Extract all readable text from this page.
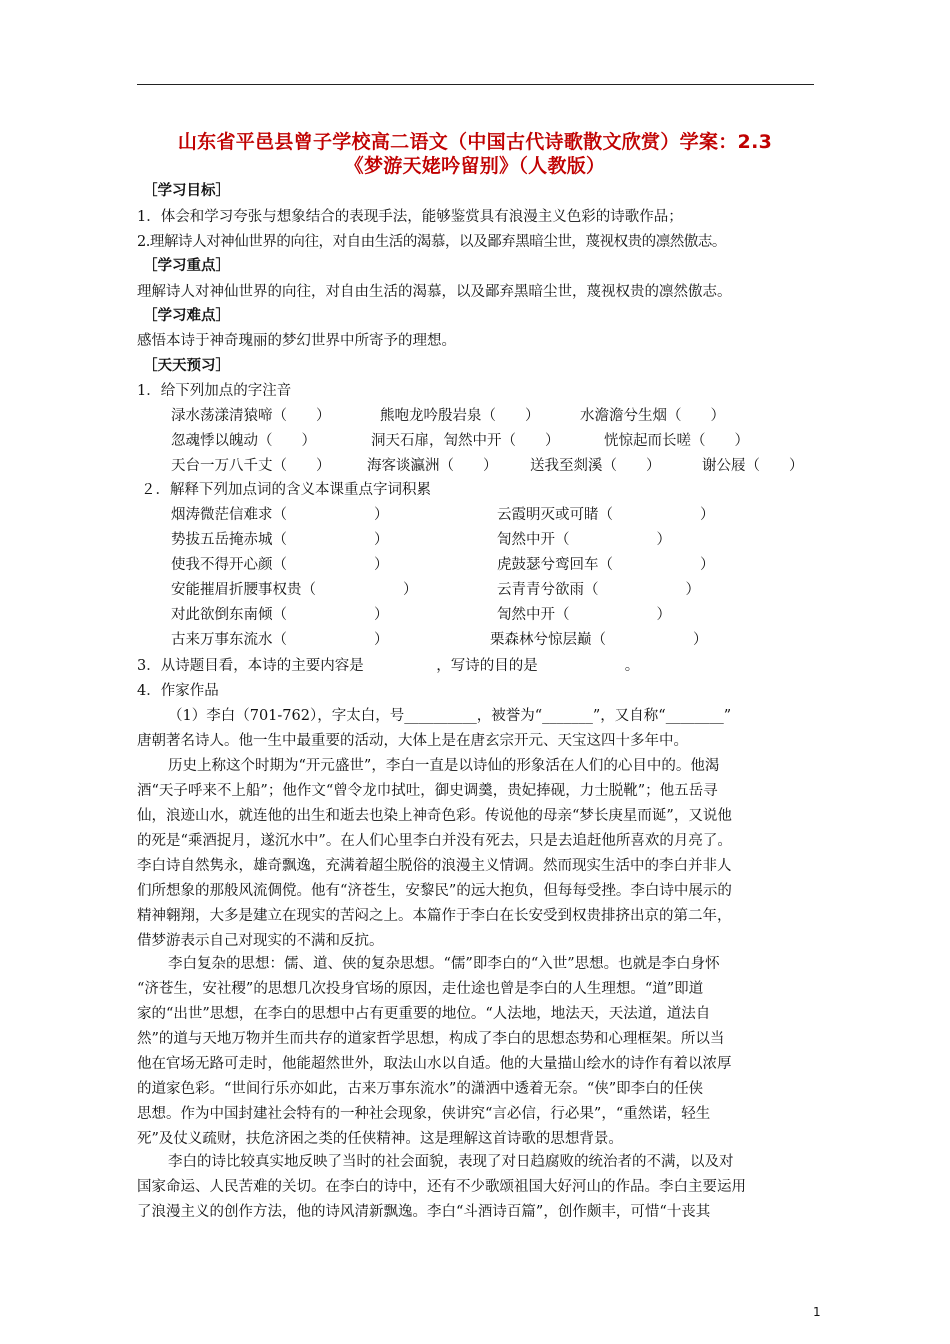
山东省平邑县曾子学校高二语文（中国古代诗歌散文欣赏）学案：2.3
《梦游天姥吟留别》（人教版）
［学习目标］
1．体会和学习夸张与想象结合的表现手法，能够鉴赏具有浪漫主义色彩的诗歌作品；
2.理解诗人对神仙世界的向往，对自由生活的渴慕，以及鄙弃黑暗尘世，蔑视权贵的凛然傲志。
［学习重点］
理解诗人对神仙世界的向往，对自由生活的渴慕，以及鄙弃黑暗尘世，蔑视权贵的凛然傲志。
［学习难点］
感悟本诗于神奇瑰丽的梦幻世界中所寄予的理想。
［天天预习］
1．给下列加点的字注音
渌水荡漾清猿啼（　　）	熊咆龙吟殷岩泉（　　）	水澹澹兮生烟（　　）
忽魂悸以魄动（　　）	洞天石扉，訇然中开（　　）	恍惊起而长嗟（　　）
天台一万八千丈（　　）	海客谈瀛洲（　　） 送我至剡溪（　　）	谢公屐（　　）
２．解释下列加点词的含义本课重点字词积累
烟涛微茫信难求（　　　　　　）	云霞明灭或可睹（　　　　　　）
势拔五岳掩赤城（　　　　　　）	訇然中开（　　　　　　）
使我不得开心颜（　　　　　　）	虎鼓瑟兮鸾回车（　　　　　　）
安能摧眉折腰事权贵（　　　　　　）	云青青兮欲雨（　　　　　　）
对此欲倒东南倾（　　　　　　）	訇然中开（　　　　　　）
古来万事东流水（　　　　　　）	栗森林兮惊层巅（　　　　　　）
3．从诗题目看，本诗的主要内容是　　　　　，写诗的目的是　　　　　　。
4．作家作品
（1）李白（701-762），字太白，号__________，被誉为“_______”，又自称“________”
唐朝著名诗人。他一生中最重要的活动，大体上是在唐玄宗开元、天宝这四十多年中。
历史上称这个时期为“开元盛世”，李白一直是以诗仙的形象活在人们的心目中的。他渴
酒“天子呼来不上船”；他作文“曾令龙巾拭吐，御史调羹，贵妃捧砚，力士脱靴”；他五岳寻
仙，浪迹山水，就连他的出生和逝去也染上神奇色彩。传说他的母亲“梦长庚星而诞”，又说他
的死是“乘酒捉月，遂沉水中”。在人们心里李白并没有死去，只是去追赶他所喜欢的月亮了。
李白诗自然隽永，雄奇飘逸，充满着超尘脱俗的浪漫主义情调。然而现实生活中的李白并非人
们所想象的那般风流倜傥。他有“济苍生，安黎民”的远大抱负，但每每受挫。李白诗中展示的
精神翱翔，大多是建立在现实的苦闷之上。本篇作于李白在长安受到权贵排挤出京的第二年，
借梦游表示自己对现实的不满和反抗。
李白复杂的思想：儒、道、侠的复杂思想。“儒”即李白的“入世”思想。也就是李白身怀
“济苍生，安社稷”的思想几次投身官场的原因，走仕途也曾是李白的人生理想。“道”即道
家的“出世”思想，在李白的思想中占有更重要的地位。“人法地，地法天，天法道，道法自
然”的道与天地万物并生而共存的道家哲学思想，构成了李白的思想态势和心理框架。所以当
他在官场无路可走时，他能超然世外，取法山水以自适。他的大量描山绘水的诗作有着以浓厚
的道家色彩。“世间行乐亦如此，古来万事东流水”的潇洒中透着无奈。“侠”即李白的任侠
思想。作为中国封建社会特有的一种社会现象，侠讲究“言必信，行必果”，“重然诺，轻生
死”及仗义疏财，扶危济困之类的任侠精神。这是理解这首诗歌的思想背景。
李白的诗比较真实地反映了当时的社会面貌，表现了对日趋腐败的统治者的不满，以及对
国家命运、人民苦难的关切。在李白的诗中，还有不少歌颂祖国大好河山的作品。李白主要运用
了浪漫主义的创作方法，他的诗风清新飘逸。李白“斗酒诗百篇”，创作颇丰，可惜“十丧其
1
